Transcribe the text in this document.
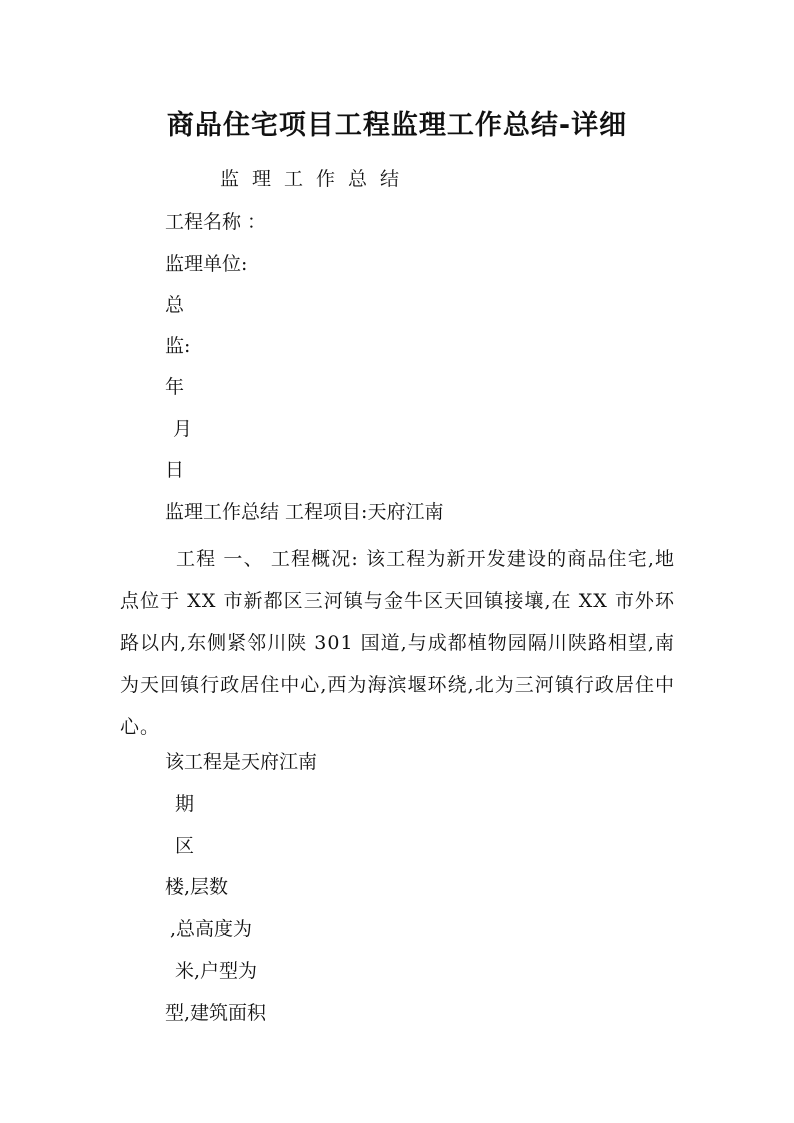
商品住宅项目工程监理工作总结-详细
监理工作总结
工程名称 ：
监理单位:
总
监:
年
月
日
监理工作总结 工程项目:天府江南
工程 一、 工程概况: 该工程为新开发建设的商品住宅,地点位于 XX 市新都区三河镇与金牛区天回镇接壤,在 XX 市外环路以内,东侧紧邻川陕 301 国道,与成都植物园隔川陕路相望,南为天回镇行政居住中心,西为海滨堰环绕,北为三河镇行政居住中心。
该工程是天府江南
期
区
楼,层数
,总高度为
米,户型为
型,建筑面积
